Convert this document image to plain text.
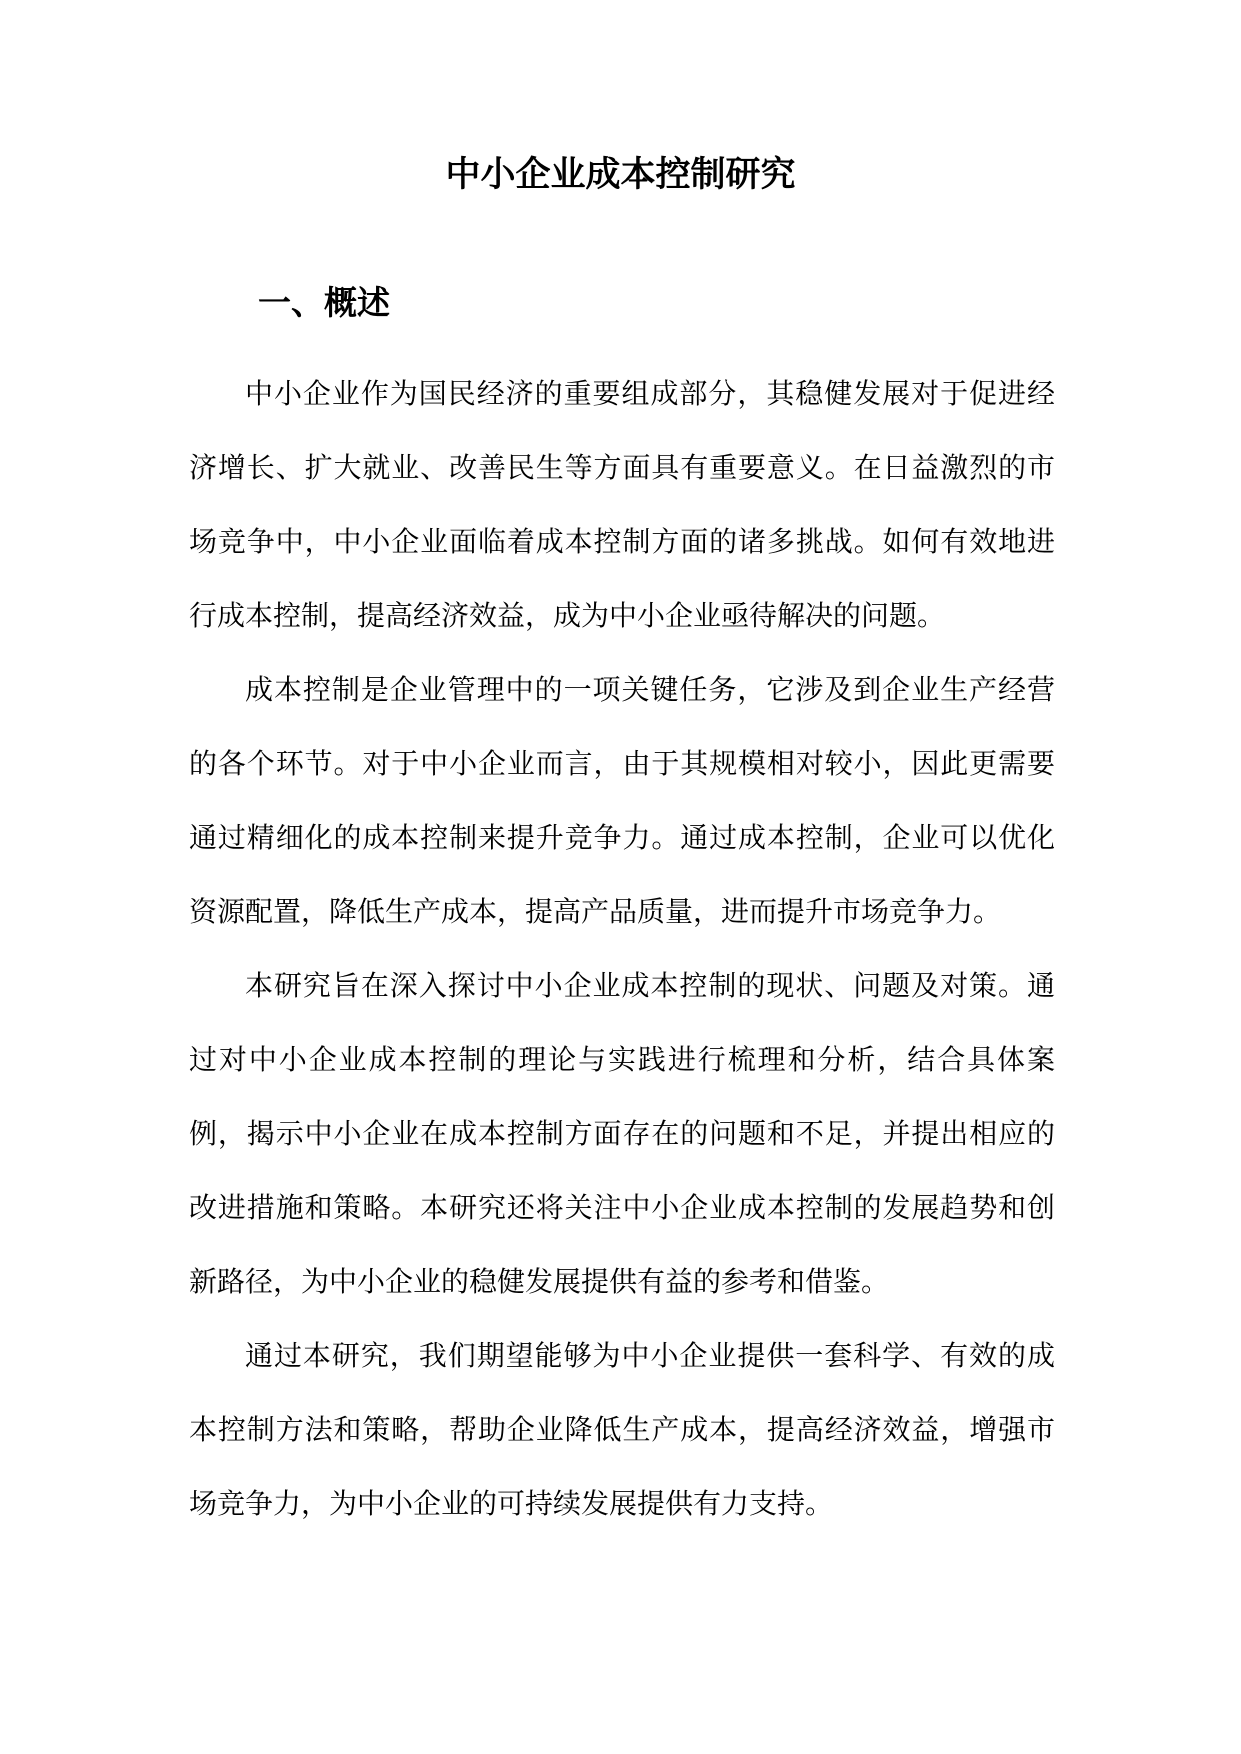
中小企业成本控制研究
一、概述

中小企业作为国民经济的重要组成部分，其稳健发展对于促进经济增长、扩大就业、改善民生等方面具有重要意义。在日益激烈的市场竞争中，中小企业面临着成本控制方面的诸多挑战。如何有效地进行成本控制，提高经济效益，成为中小企业亟待解决的问题。

成本控制是企业管理中的一项关键任务，它涉及到企业生产经营的各个环节。对于中小企业而言，由于其规模相对较小，因此更需要通过精细化的成本控制来提升竞争力。通过成本控制，企业可以优化资源配置，降低生产成本，提高产品质量，进而提升市场竞争力。

本研究旨在深入探讨中小企业成本控制的现状、问题及对策。通过对中小企业成本控制的理论与实践进行梳理和分析，结合具体案例，揭示中小企业在成本控制方面存在的问题和不足，并提出相应的改进措施和策略。本研究还将关注中小企业成本控制的发展趋势和创新路径，为中小企业的稳健发展提供有益的参考和借鉴。

通过本研究，我们期望能够为中小企业提供一套科学、有效的成本控制方法和策略，帮助企业降低生产成本，提高经济效益，增强市场竞争力，为中小企业的可持续发展提供有力支持。
